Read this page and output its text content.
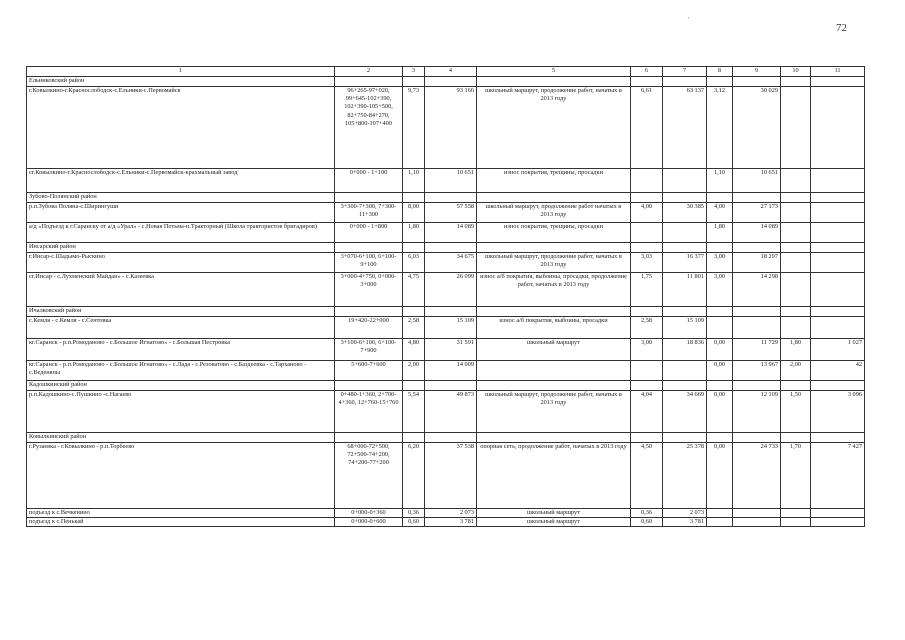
72
'
1	2	3	4	5	6	7	8	9	10	11
Ельниковский район										
г.Ковылкино-г.Краснослободск-с.Ельники-с.Первомайск	96+265-97+020, 99+645-102+390, 102+390-105+500, 82+750-84+270, 105+800-107+400	9,73	93 166	школьный маршрут, продолжение работ, начатых в 2013 году	6,61	63 137	3,12	30 029		
сг.Ковылкино-г.Краснослободск-с.Ельники-с.Первомайск-крахмальный завод	0+000 - 1+100	1,10	10 651	износ покрытия, трещины, просадки			1,10	10 651		
Зубово-Полянский район										
р.п.Зубова Поляна-с.Ширингуши	3+300-7+300, 7+300-11+300	8,00	57 558	школьный маршрут, продолжение работ начатых в 2013 году	4,00	30 385	4,00	27 173		
а/д «Подъезд к г.Саранску от а/д «Урал» - с.Новая Потьма-п.Тракторный (Школа трактористов бригадиров)	0+000 - 1+800	1,80	14 089	износ покрытия, трещины, просадки			1,80	14 089		
Инсарский район										
г.Инсар-с.Шадымо-Рыскино	3+070-6+100, 6+100-9+100	6,03	34 675	школьный маршрут, продолжение работ, начатых в 2013 году	3,03	16 377	3,00	18 297		
сг.Инсар - с.Лухменский Майдан» - с.Казеевка	3+000-4+750, 0+000-3+000	4,75	26 099	износ а/б покрытия, выбоины, просадки, продолжение работ, начатых в 2013 году	1,75	11 801	3,00	14 298		
Ичалковский район										
с.Кемля - с.Кемля - с.Сентовка	19+420-22+000	2,58	15 109	износ а/б покрытия, выбоины, просадки	2,58	15 109				
кг.Саранск - р.п.Ромоданово - с.Большое Игнатово» - с.Большая Пестровка	3+100-6+100, 6+100-7+900	4,80	31 591	школьный маршрут	3,00	18 836	0,00	11 729	1,80	1 027
кг.Саранск - р.п.Ромоданово - с.Большое Игнатово» - с.Лада - с.Резоватово - с.Баздеевка - с.Тарханово - с.Веденяпы	5+600-7+600	2,00	14 009				0,00	13 967	2,00	42
Кадошкинский район										
р.п.Кадошкино-с.Пушкино -с.Нагаево	0+480-1+360, 2+700-4+360, 12+760-15+760	5,54	49 873	школьный маршрут, продолжение работ, начатых в 2013 году	4,04	34 669	0,00	12 109	1,50	3 096
Ковылкинский район										
г.Рузаевка - г.Ковылкино - р.п.Торбеево	68+000-72+500, 72+500-74+200, 74+200-77+200	6,20	37 538	опорная сеть, продолжение работ, начатых в 2013 году	4,50	25 378	0,00	24 733	1,70	7 427
подъезд к с.Вечкенино	0+000-0+360	0,36	2 073	школьный маршрут	0,36	2 073				
подъезд к с.Пенькай	0+000-0+600	0,60	3 781	школьный маршрут	0,60	3 781				
